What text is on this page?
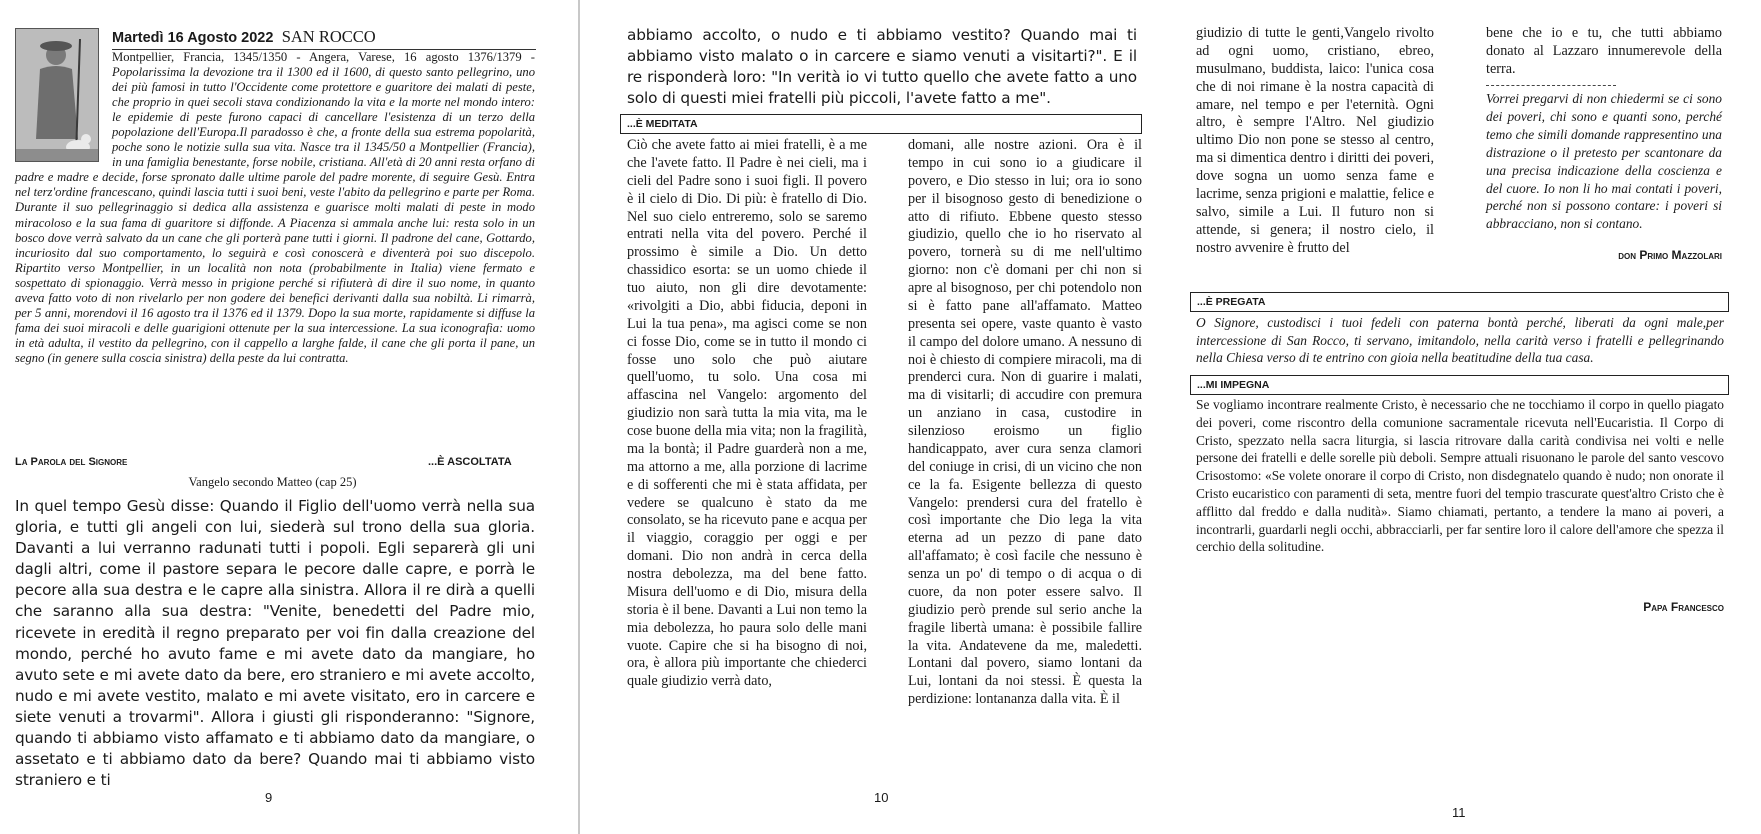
Martedì 16 Agosto 2022 SAN ROCCO
Montpellier, Francia, 1345/1350 - Angera, Varese, 16 agosto 1376/1379 - Popolarissima la devozione tra il 1300 ed il 1600, di questo santo pellegrino, uno dei più famosi in tutto l'Occidente come protettore e guaritore dei malati di peste, che proprio in quei secoli stava condizionando la vita e la morte nel mondo intero: le epidemie di peste furono capaci di cancellare l'esistenza di un terzo della popolazione dell'Europa.Il paradosso è che, a fronte della sua estrema popolarità, poche sono le notizie sulla sua vita. Nasce tra il 1345/50 a Montpellier (Francia), in una famiglia benestante, forse nobile, cristiana. All'età di 20 anni resta orfano di padre e madre e decide, forse spronato dalle ultime parole del padre morente, di seguire Gesù. Entra nel terz'ordine francescano, quindi lascia tutti i suoi beni, veste l'abito da pellegrino e parte per Roma. Durante il suo pellegrinaggio si dedica alla assistenza e guarisce molti malati di peste in modo miracoloso e la sua fama di guaritore si diffonde. A Piacenza si ammala anche lui: resta solo in un bosco dove verrà salvato da un cane che gli porterà pane tutti i giorni. Il padrone del cane, Gottardo, incuriosito dal suo comportamento, lo seguirà e così conoscerà e diventerà poi suo discepolo. Ripartito verso Montpellier, in un località non nota (probabilmente in Italia) viene fermato e sospettato di spionaggio. Verrà messo in prigione perché si rifiuterà di dire il suo nome, in quanto aveva fatto voto di non rivelarlo per non godere dei benefici derivanti dalla sua nobiltà. Li rimarrà, per 5 anni, morendovi il 16 agosto tra il 1376 ed il 1379. Dopo la sua morte, rapidamente si diffuse la fama dei suoi miracoli e delle guarigioni ottenute per la sua intercessione. La sua iconografia: uomo in età adulta, il vestito da pellegrino, con il cappello a larghe falde, il cane che gli porta il pane, un segno (in genere sulla coscia sinistra) della peste da lui contratta.
La Parola del Signore	...È ASCOLTATA
Vangelo secondo Matteo (cap 25)
In quel tempo Gesù disse: Quando il Figlio dell'uomo verrà nella sua gloria, e tutti gli angeli con lui, siederà sul trono della sua gloria. Davanti a lui verranno radunati tutti i popoli. Egli separerà gli uni dagli altri, come il pastore separa le pecore dalle capre, e porrà le pecore alla sua destra e le capre alla sinistra. Allora il re dirà a quelli che saranno alla sua destra: "Venite, benedetti del Padre mio, ricevete in eredità il regno preparato per voi fin dalla creazione del mondo, perché ho avuto fame e mi avete dato da mangiare, ho avuto sete e mi avete dato da bere, ero straniero e mi avete accolto, nudo e mi avete vestito, malato e mi avete visitato, ero in carcere e siete venuti a trovarmi". Allora i giusti gli risponderanno: "Signore, quando ti abbiamo visto affamato e ti abbiamo dato da mangiare, o assetato e ti abbiamo dato da bere? Quando mai ti abbiamo visto straniero e ti
9
abbiamo accolto, o nudo e ti abbiamo vestito? Quando mai ti abbiamo visto malato o in carcere e siamo venuti a visitarti?". E il re risponderà loro: "In verità io vi tutto quello che avete fatto a uno solo di questi miei fratelli più piccoli, l'avete fatto a me".
...È MEDITATA
Ciò che avete fatto ai miei fratelli, è a me che l'avete fatto. Il Padre è nei cieli, ma i cieli del Padre sono i suoi figli. Il povero è il cielo di Dio. Di più: è fratello di Dio. Nel suo cielo entreremo, solo se saremo entrati nella vita del povero. Perché il prossimo è simile a Dio. Un detto chassidico esorta: se un uomo chiede il tuo aiuto, non gli dire devotamente: «rivolgiti a Dio, abbi fiducia, deponi in Lui la tua pena», ma agisci come se non ci fosse Dio, come se in tutto il mondo ci fosse uno solo che può aiutare quell'uomo, tu solo. Una cosa mi affascina nel Vangelo: argomento del giudizio non sarà tutta la mia vita, ma le cose buone della mia vita; non la fragilità, ma la bontà; il Padre guarderà non a me, ma attorno a me, alla porzione di lacrime e di sofferenti che mi è stata affidata, per vedere se qualcuno è stato da me consolato, se ha ricevuto pane e acqua per il viaggio, coraggio per oggi e per domani. Dio non andrà in cerca della nostra debolezza, ma del bene fatto. Misura dell'uomo e di Dio, misura della storia è il bene. Davanti a Lui non temo la mia debolezza, ho paura solo delle mani vuote. Capire che si ha bisogno di noi, ora, è allora più importante che chiederci quale giudizio verrà dato,
domani, alle nostre azioni. Ora è il tempo in cui sono io a giudicare il povero, e Dio stesso in lui; ora io sono per il bisognoso gesto di benedizione o atto di rifiuto. Ebbene questo stesso giudizio, quello che io ho riservato al povero, tornerà su di me nell'ultimo giorno: non c'è domani per chi non si apre al bisognoso, per chi potendolo non si è fatto pane all'affamato. Matteo presenta sei opere, vaste quanto è vasto il campo del dolore umano. A nessuno di noi è chiesto di compiere miracoli, ma di prenderci cura. Non di guarire i malati, ma di visitarli; di accudire con premura un anziano in casa, custodire in silenzioso eroismo un figlio handicappato, aver cura senza clamori del coniuge in crisi, di un vicino che non ce la fa. Esigente bellezza di questo Vangelo: prendersi cura del fratello è così importante che Dio lega la vita eterna ad un pezzo di pane dato all'affamato; è così facile che nessuno è senza un po' di tempo o di acqua o di cuore, da non poter essere salvo. Il giudizio però prende sul serio anche la fragile libertà umana: è possibile fallire la vita. Andatevene da me, maledetti. Lontani dal povero, siamo lontani da Lui, lontani da noi stessi. È questa la perdizione: lontananza dalla vita. È il
10
giudizio di tutte le genti,Vangelo rivolto ad ogni uomo, cristiano, ebreo, musulmano, buddista, laico: l'unica cosa che di noi rimane è la nostra capacità di amare, nel tempo e per l'eternità. Ogni altro, è sempre l'Altro. Nel giudizio ultimo Dio non pone se stesso al centro, ma si dimentica dentro i diritti dei poveri, dove sogna un uomo senza fame e lacrime, senza prigioni e malattie, felice e salvo, simile a Lui. Il futuro non si attende, si genera; il nostro cielo, il nostro avvenire è frutto del
bene che io e tu, che tutti abbiamo donato al Lazzaro innumerevole della terra.
Vorrei pregarvi di non chiedermi se ci sono dei poveri, chi sono e quanti sono, perché temo che simili domande rappresentino una distrazione o il pretesto per scantonare da una precisa indicazione della coscienza e del cuore. Io non li ho mai contati i poveri, perché non si possono contare: i poveri si abbracciano, non si contano.
don Primo Mazzolari
...È PREGATA
O Signore, custodisci i tuoi fedeli con paterna bontà perché, liberati da ogni male,per intercessione di San Rocco, ti servano, imitandolo, nella carità verso i fratelli e pellegrinando nella Chiesa verso di te entrino con gioia nella beatitudine della tua casa.
...MI IMPEGNA
Se vogliamo incontrare realmente Cristo, è necessario che ne tocchiamo il corpo in quello piagato dei poveri, come riscontro della comunione sacramentale ricevuta nell'Eucaristia. Il Corpo di Cristo, spezzato nella sacra liturgia, si lascia ritrovare dalla carità condivisa nei volti e nelle persone dei fratelli e delle sorelle più deboli. Sempre attuali risuonano le parole del santo vescovo Crisostomo: «Se volete onorare il corpo di Cristo, non disdegnatelo quando è nudo; non onorate il Cristo eucaristico con paramenti di seta, mentre fuori del tempio trascurate quest'altro Cristo che è afflitto dal freddo e dalla nudità». Siamo chiamati, pertanto, a tendere la mano ai poveri, a incontrarli, guardarli negli occhi, abbracciarli, per far sentire loro il calore dell'amore che spezza il cerchio della solitudine.
Papa Francesco
11
